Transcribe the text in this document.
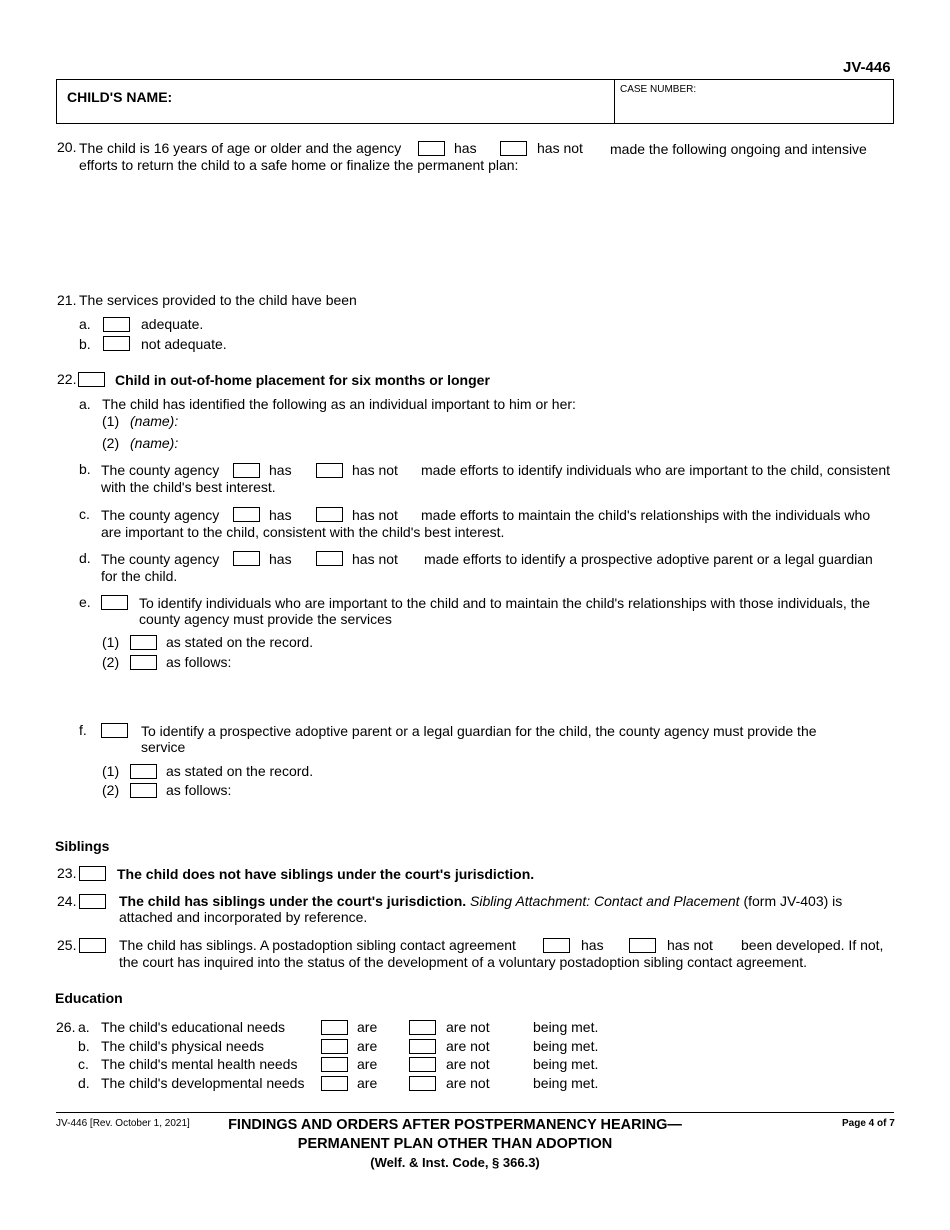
JV-446
CHILD'S NAME:	CASE NUMBER:
20. The child is 16 years of age or older and the agency	has	has not made the following ongoing and intensive
efforts to return the child to a safe home or finalize the permanent plan:
21. The services provided to the child have been
a.	adequate.
b.	not adequate.
22.	Child in out-of-home placement for six months or longer
a. The child has identified the following as an individual important to him or her:
(1) (name):
(2) (name):
b. The county agency	has	has not made efforts to identify individuals who are important to the child, consistent
with the child's best interest.
c. The county agency	has	has not made efforts to maintain the child's relationships with the individuals who
are important to the child, consistent with the child's best interest.
d. The county agency	has	has not made efforts to identify a prospective adoptive parent or a legal guardian
for the child.
e.	To identify individuals who are important to the child and to maintain the child's relationships with those individuals, the
county agency must provide the services
(1)	as stated on the record.
(2)	as follows:
f.	To identify a prospective adoptive parent or a legal guardian for the child, the county agency must provide the
service
(1)	as stated on the record.
(2)	as follows:
Siblings
23.	The child does not have siblings under the court's jurisdiction.
24.	The child has siblings under the court's jurisdiction. Sibling Attachment: Contact and Placement (form JV-403) is
attached and incorporated by reference.
25.	The child has siblings. A postadoption sibling contact agreement	has	has not been developed. If not,
the court has inquired into the status of the development of a voluntary postadoption sibling contact agreement.
Education
26. a. The child's educational needs	are	are not	being met.
b. The child's physical needs	are	are not	being met.
c. The child's mental health needs	are	are not	being met.
d. The child's developmental needs	are	are not	being met.
JV-446 [Rev. October 1, 2021]	FINDINGS AND ORDERS AFTER POSTPERMANENCY HEARING—
PERMANENT PLAN OTHER THAN ADOPTION
(Welf. & Inst. Code, § 366.3)
Page 4 of 7
